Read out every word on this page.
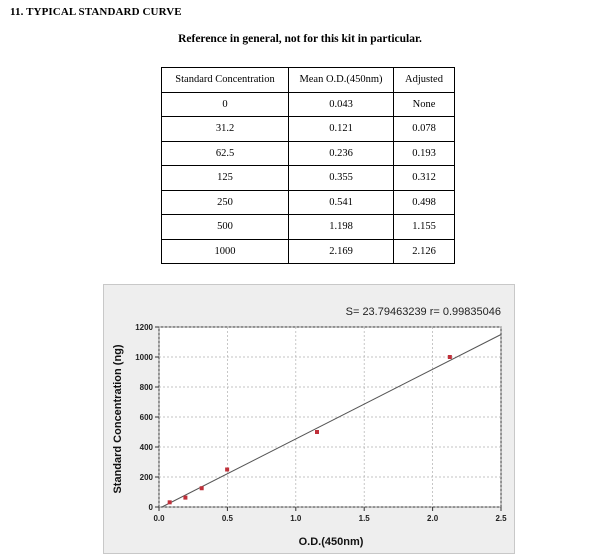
11. TYPICAL STANDARD CURVE
Reference in general, not for this kit in particular.
Standard Concentration	Mean O.D.(450nm)	Adjusted
0	0.043	None
31.2	0.121	0.078
62.5	0.236	0.193
125	0.355	0.312
250	0.541	0.498
500	1.198	1.155
1000	2.169	2.126
0.0	0.5	1.0	1.5	2.0	2.5
0
200
400
600
800
1000
1200
S= 23.79463239 r= 0.99835046
O.D.(450nm)
Standard Concentration (ng)
